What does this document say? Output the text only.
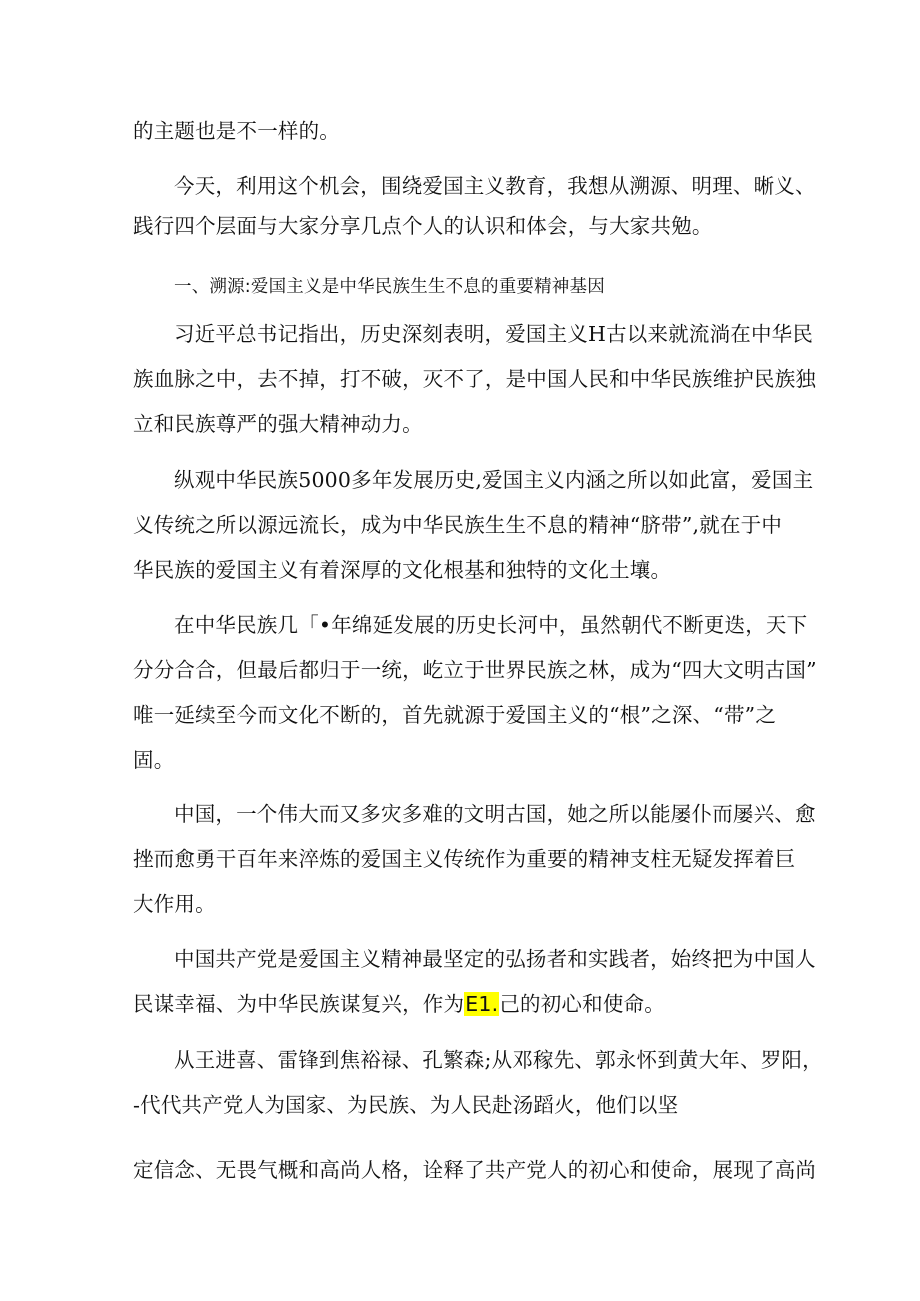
的主题也是不一样的。
今天，利用这个机会，围绕爱国主义教育，我想从溯源、明理、晰义、
践行四个层面与大家分享几点个人的认识和体会，与大家共勉。
一、溯源:爱国主义是中华民族生生不息的重要精神基因
习近平总书记指出，历史深刻表明，爱国主义H古以来就流淌在中华民
族血脉之中，去不掉，打不破，灭不了，是中国人民和中华民族维护民族独
立和民族尊严的强大精神动力。
纵观中华民族5000多年发展历史,爱国主义内涵之所以如此富，爱国主
义传统之所以源远流长，成为中华民族生生不息的精神“脐带”,就在于中
华民族的爱国主义有着深厚的文化根基和独特的文化土壤。
在中华民族几「•年绵延发展的历史长河中，虽然朝代不断更迭，天下
分分合合，但最后都归于一统，屹立于世界民族之林，成为“四大文明古国”
唯一延续至今而文化不断的，首先就源于爱国主义的“根”之深、“带”之
固。
中国，一个伟大而又多灾多难的文明古国，她之所以能屡仆而屡兴、愈
挫而愈勇干百年来淬炼的爱国主义传统作为重要的精神支柱无疑发挥着巨
大作用。
中国共产党是爱国主义精神最坚定的弘扬者和实践者，始终把为中国人
民谋幸福、为中华民族谋复兴，作为E1.己的初心和使命。
从王进喜、雷锋到焦裕禄、孔繁森;从邓稼先、郭永怀到黄大年、罗阳，
-代代共产党人为国家、为民族、为人民赴汤蹈火，他们以坚
定信念、无畏气概和高尚人格，诠释了共产党人的初心和使命，展现了高尚
